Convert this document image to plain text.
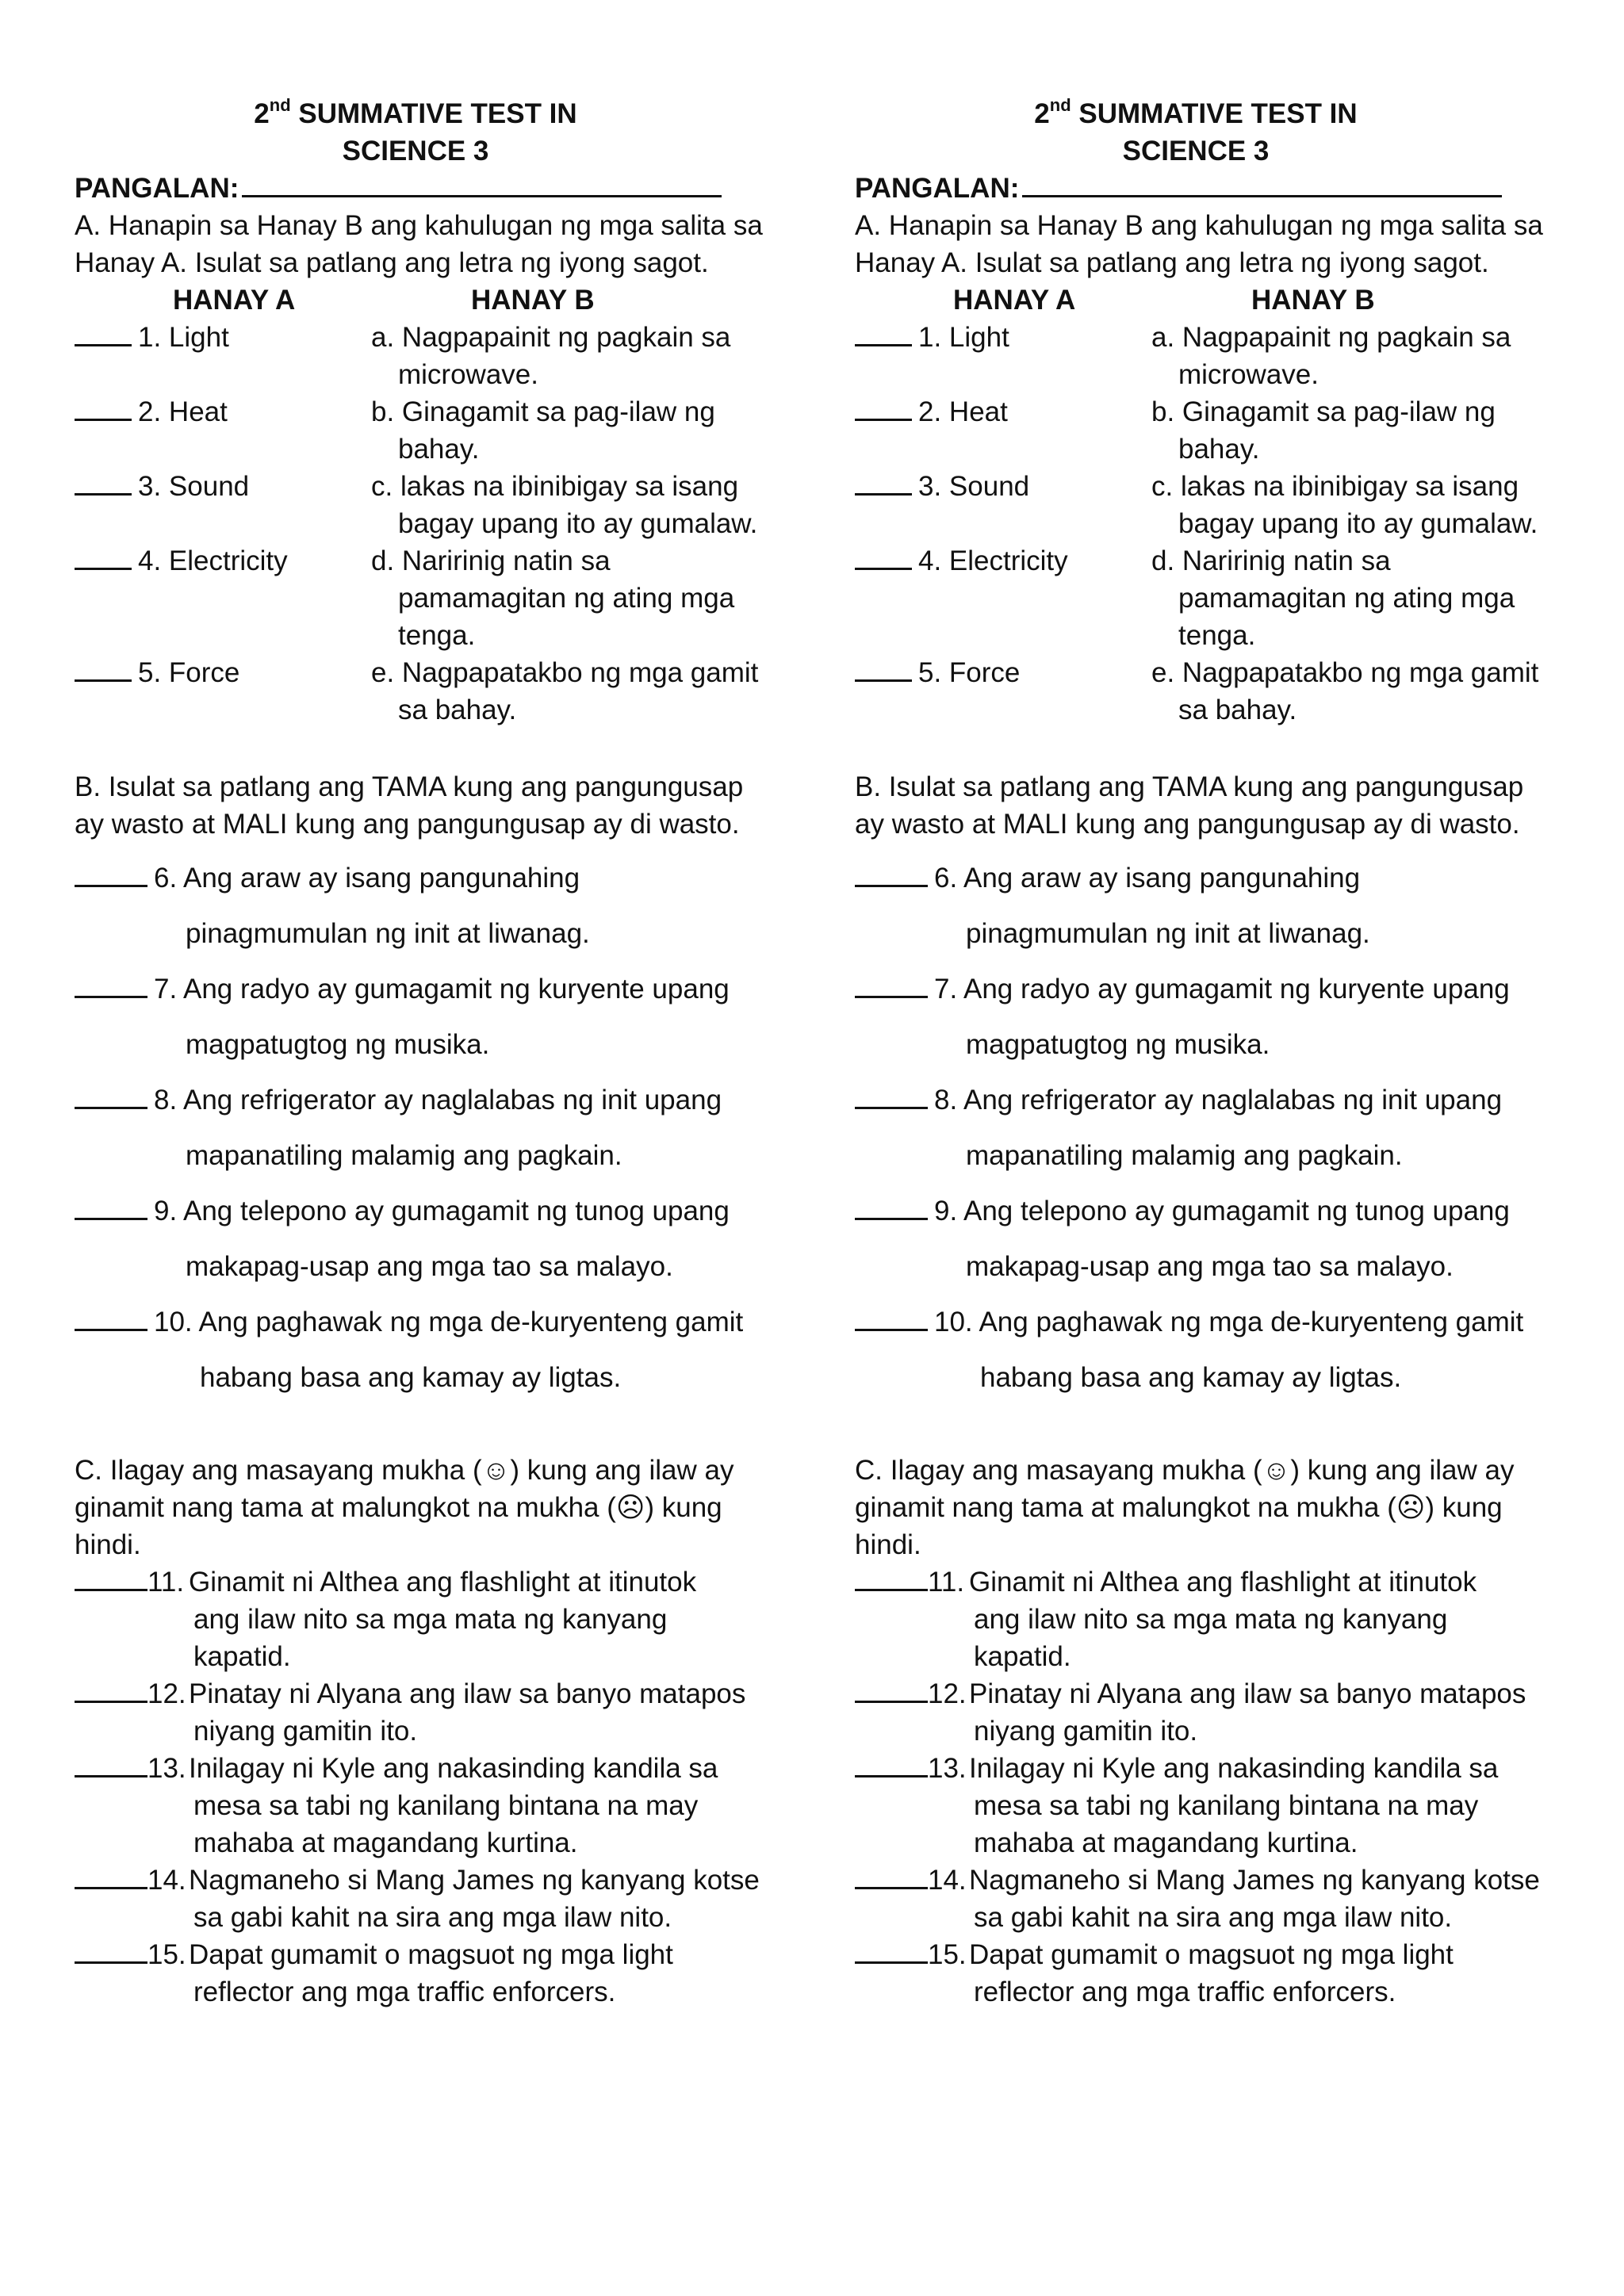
2nd SUMMATIVE TEST IN
SCIENCE 3
PANGALAN:

A. Hanapin sa Hanay B ang kahulugan ng mga salita sa Hanay A. Isulat sa patlang ang letra ng iyong sagot.

HANAY A	HANAY B
1. Light	a. Nagpapainit ng pagkain sa microwave.
2. Heat	b. Ginagamit sa pag-ilaw ng bahay.
3. Sound	c. lakas na ibinibigay sa isang bagay upang ito ay gumalaw.
4. Electricity	d. Naririnig natin sa pamamagitan ng ating mga tenga.
5. Force	e. Nagpapatakbo ng mga gamit sa bahay.
B. Isulat sa patlang ang TAMA kung ang pangungusap
ay wasto at MALI kung ang pangungusap ay di wasto.
6. Ang araw ay isang pangunahing
pinagmumulan ng init at liwanag.
7. Ang radyo ay gumagamit ng kuryente upang
magpatugtog ng musika.
8. Ang refrigerator ay naglalabas ng init upang
mapanatiling malamig ang pagkain.
9. Ang telepono ay gumagamit ng tunog upang
makapag-usap ang mga tao sa malayo.
10. Ang paghawak ng mga de-kuryenteng gamit
habang basa ang kamay ay ligtas.

C. Ilagay ang masayang mukha (☺) kung ang ilaw ay ginamit nang tama at malungkot na mukha (☹) kung hindi.

11. Ginamit ni Althea ang flashlight at itinutok
ang ilaw nito sa mga mata ng kanyang
kapatid.
12. Pinatay ni Alyana ang ilaw sa banyo matapos
niyang gamitin ito.
13. Inilagay ni Kyle ang nakasinding kandila sa
mesa sa tabi ng kanilang bintana na may
mahaba at magandang kurtina.
14. Nagmaneho si Mang James ng kanyang kotse
sa gabi kahit na sira ang mga ilaw nito.
15. Dapat gumamit o magsuot ng mga light
reflector ang mga traffic enforcers.
2nd SUMMATIVE TEST IN
SCIENCE 3
PANGALAN:

A. Hanapin sa Hanay B ang kahulugan ng mga salita sa Hanay A. Isulat sa patlang ang letra ng iyong sagot.

HANAY A	HANAY B
1. Light	a. Nagpapainit ng pagkain sa microwave.
2. Heat	b. Ginagamit sa pag-ilaw ng bahay.
3. Sound	c. lakas na ibinibigay sa isang bagay upang ito ay gumalaw.
4. Electricity	d. Naririnig natin sa pamamagitan ng ating mga tenga.
5. Force	e. Nagpapatakbo ng mga gamit sa bahay.
B. Isulat sa patlang ang TAMA kung ang pangungusap
ay wasto at MALI kung ang pangungusap ay di wasto.
6. Ang araw ay isang pangunahing
pinagmumulan ng init at liwanag.
7. Ang radyo ay gumagamit ng kuryente upang
magpatugtog ng musika.
8. Ang refrigerator ay naglalabas ng init upang
mapanatiling malamig ang pagkain.
9. Ang telepono ay gumagamit ng tunog upang
makapag-usap ang mga tao sa malayo.
10. Ang paghawak ng mga de-kuryenteng gamit
habang basa ang kamay ay ligtas.

C. Ilagay ang masayang mukha (☺) kung ang ilaw ay ginamit nang tama at malungkot na mukha (☹) kung hindi.

11. Ginamit ni Althea ang flashlight at itinutok
ang ilaw nito sa mga mata ng kanyang
kapatid.
12. Pinatay ni Alyana ang ilaw sa banyo matapos
niyang gamitin ito.
13. Inilagay ni Kyle ang nakasinding kandila sa
mesa sa tabi ng kanilang bintana na may
mahaba at magandang kurtina.
14. Nagmaneho si Mang James ng kanyang kotse
sa gabi kahit na sira ang mga ilaw nito.
15. Dapat gumamit o magsuot ng mga light
reflector ang mga traffic enforcers.
